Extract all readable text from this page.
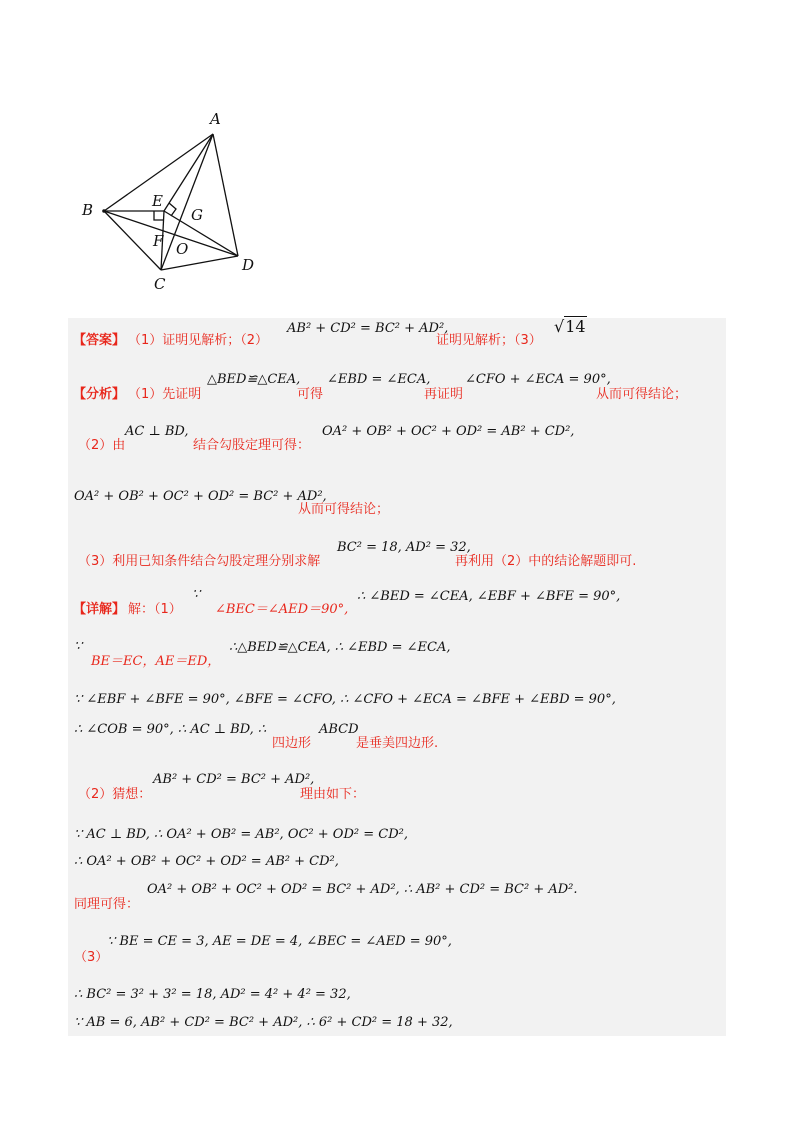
A
B
C
D
E
F
G
O
【答案】 （1）证明见解析；（2）
AB² + CD² = BC² + AD²,
证明见解析；（3）
√14
【分析】 （1）先证明
△BED≌△CEA,
可得
∠EBD = ∠ECA,
再证明
∠CFO + ∠ECA = 90°,
从而可得结论；
（2）由
AC ⊥ BD,
结合勾股定理可得：
OA² + OB² + OC² + OD² = AB² + CD²,
OA² + OB² + OC² + OD² = BC² + AD²,
从而可得结论；
（3）利用已知条件结合勾股定理分别求解
BC² = 18, AD² = 32,
再利用（2）中的结论解题即可.
【详解】 解：（1）
∵
∠BEC＝∠AED＝90°,
∴ ∠BED = ∠CEA, ∠EBF + ∠BFE = 90°,
∵
BE＝EC，AE＝ED，
∴△BED≌△CEA, ∴ ∠EBD = ∠ECA,
∵ ∠EBF + ∠BFE = 90°, ∠BFE = ∠CFO, ∴ ∠CFO + ∠ECA = ∠BFE + ∠EBD = 90°,
∴ ∠COB = 90°, ∴ AC ⊥ BD, ∴
四边形
ABCD
是垂美四边形.
（2）猜想：
AB² + CD² = BC² + AD²,
理由如下：
∵ AC ⊥ BD, ∴ OA² + OB² = AB², OC² + OD² = CD²,
∴ OA² + OB² + OC² + OD² = AB² + CD²,
同理可得：
OA² + OB² + OC² + OD² = BC² + AD², ∴ AB² + CD² = BC² + AD².
∵ BE = CE = 3, AE = DE = 4, ∠BEC = ∠AED = 90°,
（3）
∴ BC² = 3² + 3² = 18, AD² = 4² + 4² = 32,
∵ AB = 6, AB² + CD² = BC² + AD², ∴ 6² + CD² = 18 + 32,
